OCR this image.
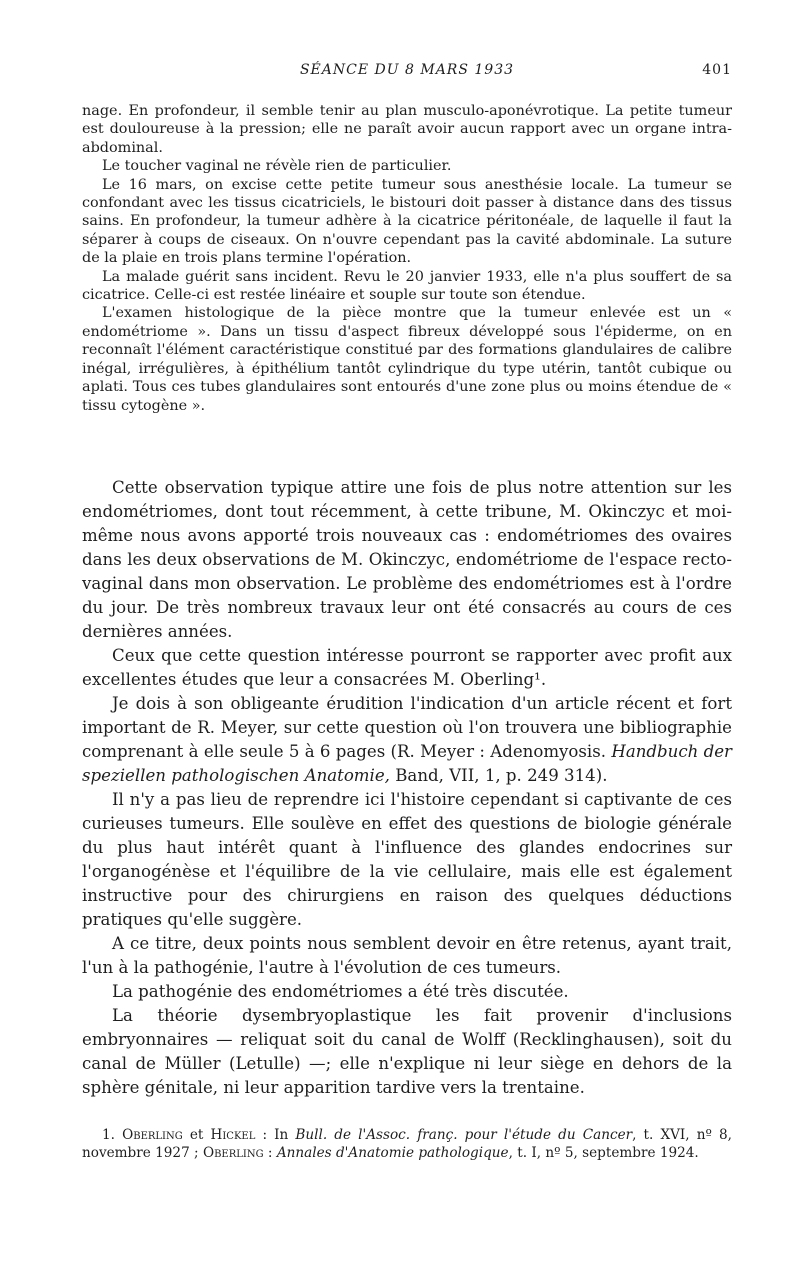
SÉANCE DU 8 MARS 1933	401

nage. En profondeur, il semble tenir au plan musculo-aponévrotique. La petite tumeur est douloureuse à la pression; elle ne paraît avoir aucun rapport avec un organe intra-abdominal.

Le toucher vaginal ne révèle rien de particulier.

Le 16 mars, on excise cette petite tumeur sous anesthésie locale. La tumeur se confondant avec les tissus cicatriciels, le bistouri doit passer à distance dans des tissus sains. En profondeur, la tumeur adhère à la cicatrice péritonéale, de laquelle il faut la séparer à coups de ciseaux. On n'ouvre cependant pas la cavité abdominale. La suture de la plaie en trois plans termine l'opération.

La malade guérit sans incident. Revu le 20 janvier 1933, elle n'a plus souffert de sa cicatrice. Celle-ci est restée linéaire et souple sur toute son étendue.

L'examen histologique de la pièce montre que la tumeur enlevée est un « endométriome ». Dans un tissu d'aspect fibreux développé sous l'épiderme, on en reconnaît l'élément caractéristique constitué par des formations glandulaires de calibre inégal, irrégulières, à épithélium tantôt cylindrique du type utérin, tantôt cubique ou aplati. Tous ces tubes glandulaires sont entourés d'une zone plus ou moins étendue de « tissu cytogène ».

Cette observation typique attire une fois de plus notre attention sur les endométriomes, dont tout récemment, à cette tribune, M. Okinczyc et moi-même nous avons apporté trois nouveaux cas : endométriomes des ovaires dans les deux observations de M. Okinczyc, endométriome de l'espace recto-vaginal dans mon observation. Le problème des endométriomes est à l'ordre du jour. De très nombreux travaux leur ont été consacrés au cours de ces dernières années.

Ceux que cette question intéresse pourront se rapporter avec profit aux excellentes études que leur a consacrées M. Oberling¹.

Je dois à son obligeante érudition l'indication d'un article récent et fort important de R. Meyer, sur cette question où l'on trouvera une bibliographie comprenant à elle seule 5 à 6 pages (R. Meyer : Adenomyosis. Handbuch der speziellen pathologischen Anatomie, Band, VII, 1, p. 249 314).

Il n'y a pas lieu de reprendre ici l'histoire cependant si captivante de ces curieuses tumeurs. Elle soulève en effet des questions de biologie générale du plus haut intérêt quant à l'influence des glandes endocrines sur l'organogénèse et l'équilibre de la vie cellulaire, mais elle est également instructive pour des chirurgiens en raison des quelques déductions pratiques qu'elle suggère.

A ce titre, deux points nous semblent devoir en être retenus, ayant trait, l'un à la pathogénie, l'autre à l'évolution de ces tumeurs.

La pathogénie des endométriomes a été très discutée.

La théorie dysembryoplastique les fait provenir d'inclusions embryonnaires — reliquat soit du canal de Wolff (Recklinghausen), soit du canal de Müller (Letulle) —; elle n'explique ni leur siège en dehors de la sphère génitale, ni leur apparition tardive vers la trentaine.

1. Oberling et Hickel : In Bull. de l'Assoc. franç. pour l'étude du Cancer, t. XVI, nº 8, novembre 1927 ; Oberling : Annales d'Anatomie pathologique, t. I, nº 5, septembre 1924.
